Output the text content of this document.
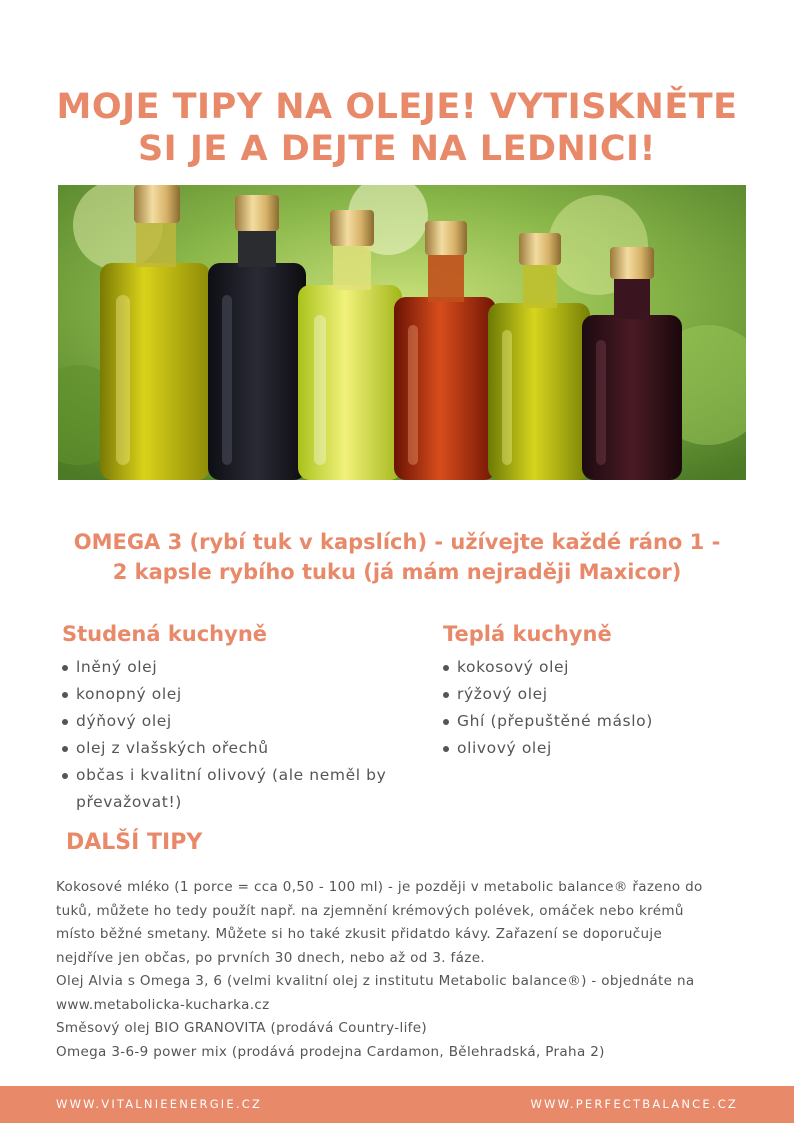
MOJE TIPY NA OLEJE! VYTISKNĚTE
SI JE A DEJTE NA LEDNICI!
OMEGA 3 (rybí tuk v kapslích) - užívejte každé ráno 1 -
2 kapsle rybího tuku (já mám nejraději Maxicor)
Studená kuchyně
lněný olej
konopný olej
dýňový olej
olej z vlašských ořechů
občas i kvalitní olivový (ale neměl by převažovat!)
Teplá kuchyně
kokosový olej
rýžový olej
Ghí (přepuštěné máslo)
olivový olej
DALŠÍ TIPY

Kokosové mléko (1 porce = cca 0,50 - 100 ml) - je později v metabolic balance® řazeno do tuků, můžete ho tedy použít např. na zjemnění krémových polévek, omáček nebo krémů místo běžné smetany. Můžete si ho také zkusit přidatdo kávy. Zařazení se doporučuje nejdříve jen občas, po prvních 30 dnech, nebo až od 3. fáze.

Olej Alvia s Omega 3, 6 (velmi kvalitní olej z institutu Metabolic balance®) - objednáte na www.metabolicka-kucharka.cz

Směsový olej BIO GRANOVITA (prodává Country-life)

Omega 3-6-9 power mix (prodává prodejna Cardamon, Bělehradská, Praha 2)

WWW.VITALNIEENERGIE.CZ	WWW.PERFECTBALANCE.CZ
